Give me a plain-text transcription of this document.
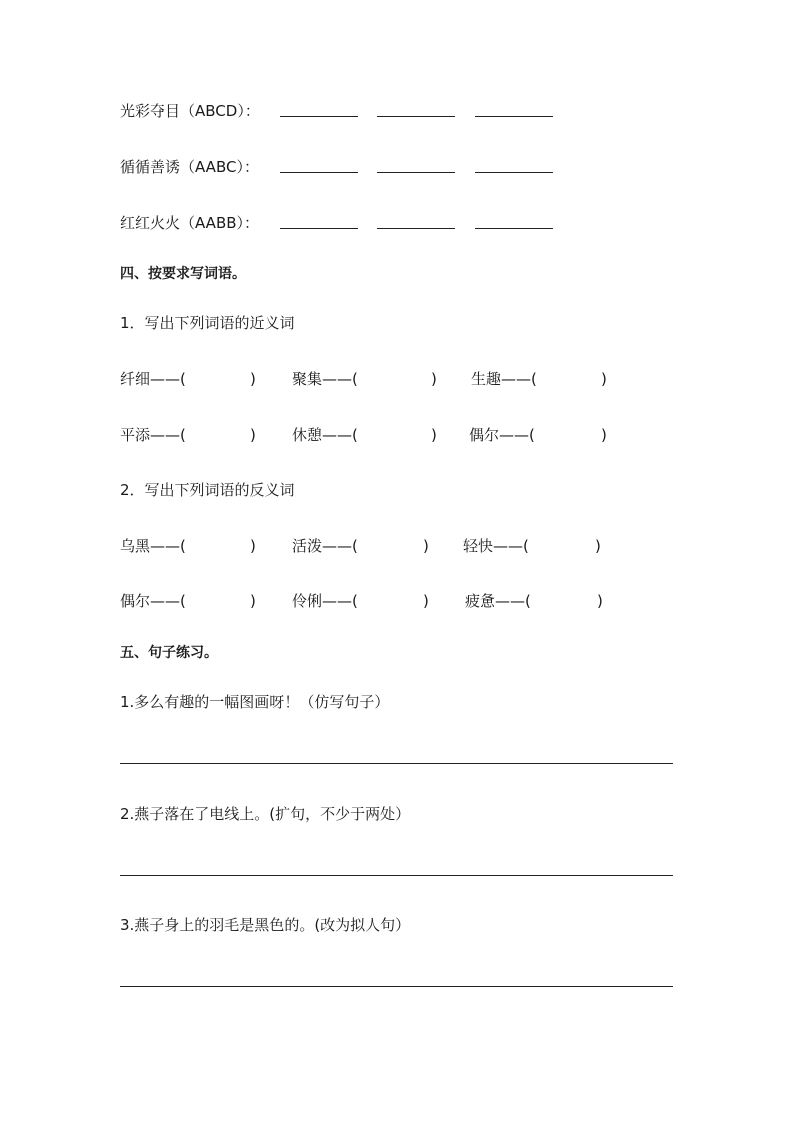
光彩夺目（ABCD）：
循循善诱（AABC）：
红红火火（AABB）：
四、按要求写词语。
1．写出下列词语的近义词
纤细——(	) 聚集——(	) 生趣——(	)
平添——(	) 休憩——(	) 偶尔——(	)
2．写出下列词语的反义词
乌黑——(	) 活泼——(	) 轻快——(	)
偶尔——(	) 伶俐——(	) 疲惫——(	)
五、句子练习。
1.多么有趣的一幅图画呀！（仿写句子）
2.燕子落在了电线上。(扩句，不少于两处）
3.燕子身上的羽毛是黑色的。(改为拟人句）
